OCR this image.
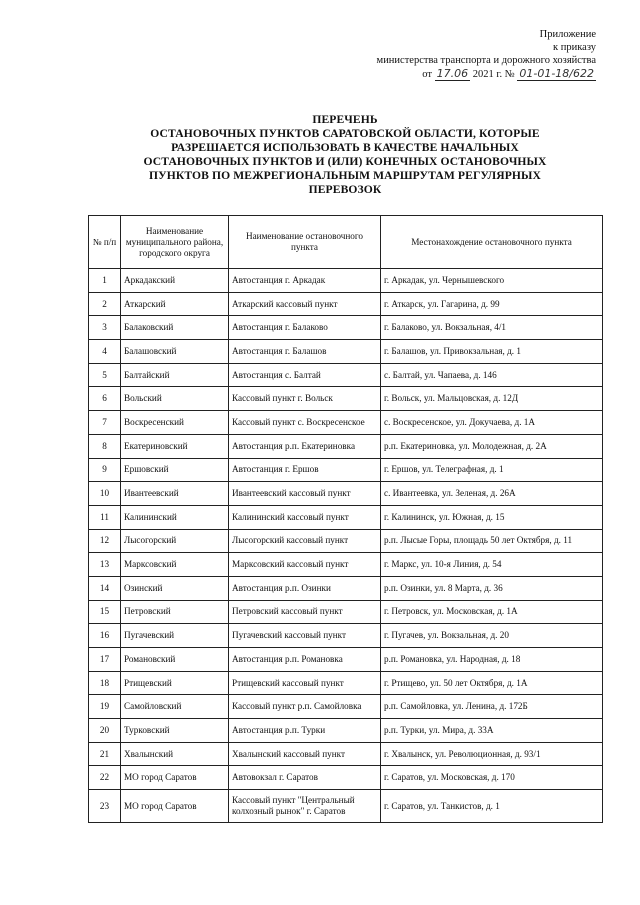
Приложение
к приказу
министерства транспорта и дорожного хозяйства
от 17.06 2021 г. № 01-01-18/622
ПЕРЕЧЕНЬ
ОСТАНОВОЧНЫХ ПУНКТОВ САРАТОВСКОЙ ОБЛАСТИ, КОТОРЫЕ
РАЗРЕШАЕТСЯ ИСПОЛЬЗОВАТЬ В КАЧЕСТВЕ НАЧАЛЬНЫХ
ОСТАНОВОЧНЫХ ПУНКТОВ И (ИЛИ) КОНЕЧНЫХ ОСТАНОВОЧНЫХ
ПУНКТОВ ПО МЕЖРЕГИОНАЛЬНЫМ МАРШРУТАМ РЕГУЛЯРНЫХ
ПЕРЕВОЗОК
№ п/п	Наименование муниципального района, городского округа	Наименование остановочного пункта	Местонахождение остановочного пункта
1	Аркадакский	Автостанция г. Аркадак	г. Аркадак, ул. Чернышевского
2	Аткарский	Аткарский кассовый пункт	г. Аткарск, ул. Гагарина, д. 99
3	Балаковский	Автостанция г. Балаково	г. Балаково, ул. Вокзальная, 4/1
4	Балашовский	Автостанция г. Балашов	г. Балашов, ул. Привокзальная, д. 1
5	Балтайский	Автостанция с. Балтай	с. Балтай, ул. Чапаева, д. 146
6	Вольский	Кассовый пункт г. Вольск	г. Вольск, ул. Мальцовская, д. 12Д
7	Воскресенский	Кассовый пункт с. Воскресенское	с. Воскресенское, ул. Докучаева, д. 1А
8	Екатериновский	Автостанция р.п. Екатериновка	р.п. Екатериновка, ул. Молодежная, д. 2А
9	Ершовский	Автостанция г. Ершов	г. Ершов, ул. Телеграфная, д. 1
10	Ивантеевский	Ивантеевский кассовый пункт	с. Ивантеевка, ул. Зеленая, д. 26А
11	Калининский	Калининский кассовый пункт	г. Калининск, ул. Южная, д. 15
12	Лысогорский	Лысогорский кассовый пункт	р.п. Лысые Горы, площадь 50 лет Октября, д. 11
13	Марксовский	Марксовский кассовый пункт	г. Маркс, ул. 10-я Линия, д. 54
14	Озинский	Автостанция р.п. Озинки	р.п. Озинки, ул. 8 Марта, д. 36
15	Петровский	Петровский кассовый пункт	г. Петровск, ул. Московская, д. 1А
16	Пугачевский	Пугачевский кассовый пункт	г. Пугачев, ул. Вокзальная, д. 20
17	Романовский	Автостанция р.п. Романовка	р.п. Романовка, ул. Народная, д. 18
18	Ртищевский	Ртищевский кассовый пункт	г. Ртищево, ул. 50 лет Октября, д. 1А
19	Самойловский	Кассовый пункт р.п. Самойловка	р.п. Самойловка, ул. Ленина, д. 172Б
20	Турковский	Автостанция р.п. Турки	р.п. Турки, ул. Мира, д. 33А
21	Хвалынский	Хвалынский кассовый пункт	г. Хвалынск, ул. Революционная, д. 93/1
22	МО город Саратов	Автовокзал г. Саратов	г. Саратов, ул. Московская, д. 170
23	МО город Саратов	Кассовый пункт "Центральный колхозный рынок" г. Саратов	г. Саратов, ул. Танкистов, д. 1
